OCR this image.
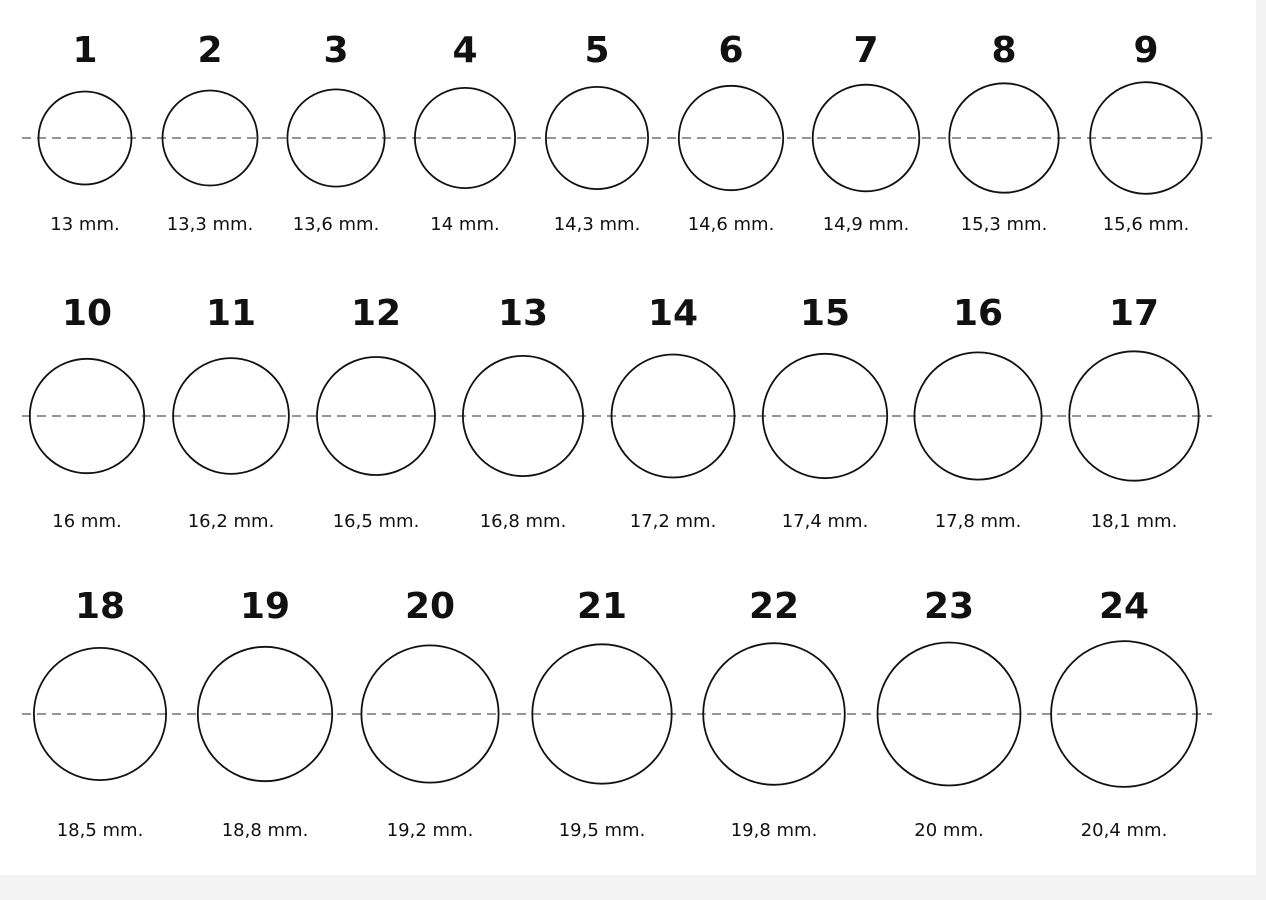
1
13 mm.
2
13,3 mm.
3
13,6 mm.
4
14 mm.
5
14,3 mm.
6
14,6 mm.
7
14,9 mm.
8
15,3 mm.
9
15,6 mm.
10
16 mm.
11
16,2 mm.
12
16,5 mm.
13
16,8 mm.
14
17,2 mm.
15
17,4 mm.
16
17,8 mm.
17
18,1 mm.
18
18,5 mm.
19
18,8 mm.
20
19,2 mm.
21
19,5 mm.
22
19,8 mm.
23
20 mm.
24
20,4 mm.
